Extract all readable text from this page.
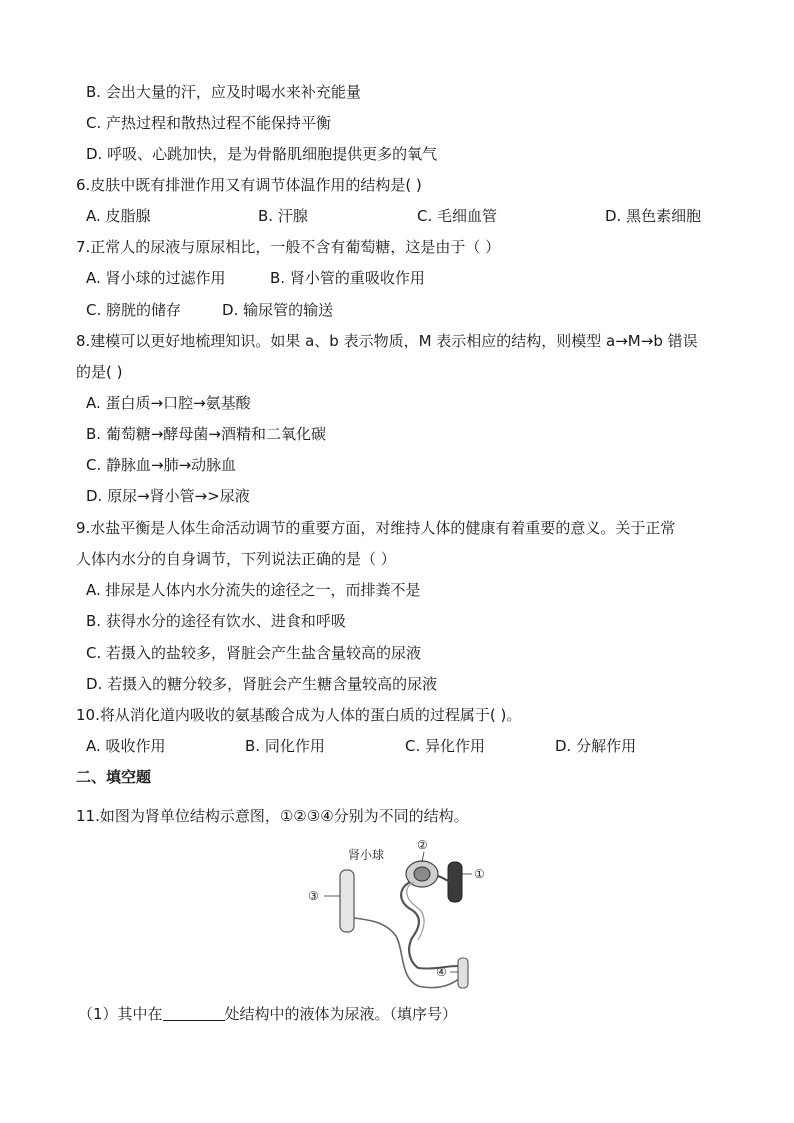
B. 会出大量的汗，应及时喝水来补充能量
C. 产热过程和散热过程不能保持平衡
D. 呼吸、心跳加快，是为骨骼肌细胞提供更多的氧气
6.皮肤中既有排泄作用又有调节体温作用的结构是( )
A. 皮脂腺	B. 汗腺	C. 毛细血管	D. 黑色素细胞
7.正常人的尿液与原尿相比，一般不含有葡萄糖，这是由于（ ）
A. 肾小球的过滤作用	B. 肾小管的重吸收作用
C. 膀胱的储存	D. 输尿管的输送
8.建模可以更好地梳理知识。如果 a、b 表示物质，M 表示相应的结构，则模型 a→M→b 错误
的是( )
A. 蛋白质→口腔→氨基酸
B. 葡萄糖→酵母菌→酒精和二氧化碳
C. 静脉血→肺→动脉血
D. 原尿→肾小管→>尿液
9.水盐平衡是人体生命活动调节的重要方面，对维持人体的健康有着重要的意义。关于正常
人体内水分的自身调节，下列说法正确的是（ ）
A. 排尿是人体内水分流失的途径之一，而排粪不是
B. 获得水分的途径有饮水、进食和呼吸
C. 若摄入的盐较多，肾脏会产生盐含量较高的尿液
D. 若摄入的糖分较多，肾脏会产生糖含量较高的尿液
10.将从消化道内吸收的氨基酸合成为人体的蛋白质的过程属于( )。
A. 吸收作用	B. 同化作用	C. 异化作用	D. 分解作用
二、填空题
11.如图为肾单位结构示意图，①②③④分别为不同的结构。
肾小球
②
①
③
④
（1）其中在	处结构中的液体为尿液。（填序号）
